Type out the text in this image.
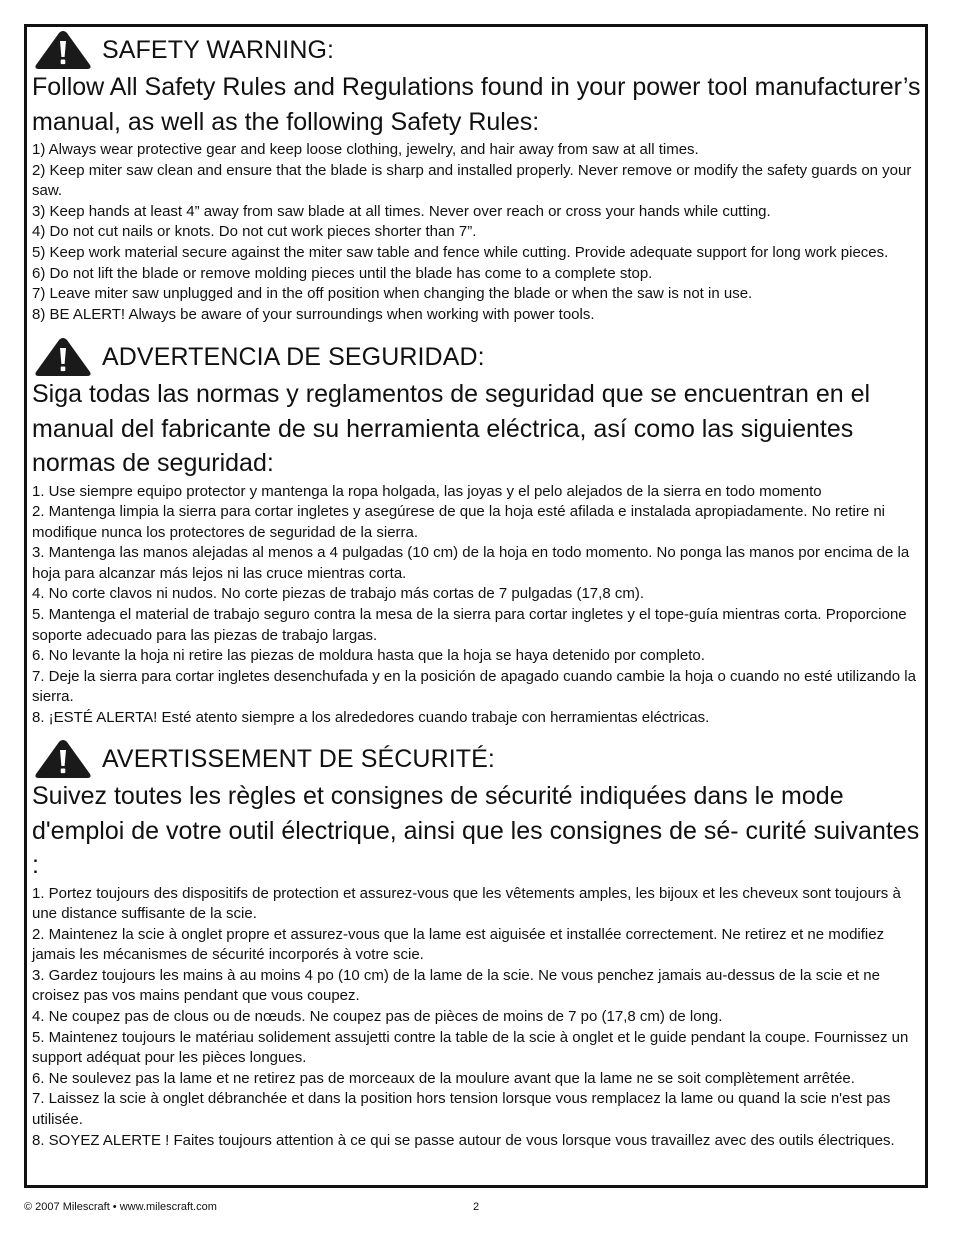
SAFETY WARNING:

Follow All Safety Rules and Regulations found in your power tool manufacturer’s manual, as well as the following Safety Rules:

1) Always wear protective gear and keep loose clothing, jewelry, and hair away from saw at all times.
2) Keep miter saw clean and ensure that the blade is sharp and installed properly. Never remove or modify the safety guards on your saw.
3) Keep hands at least 4” away from saw blade at all times. Never over reach or cross your hands while cutting.
4) Do not cut nails or knots. Do not cut work pieces shorter than 7”.
5) Keep work material secure against the miter saw table and fence while cutting. Provide adequate support for long work pieces.
6) Do not lift the blade or remove molding pieces until the blade has come to a complete stop.
7) Leave miter saw unplugged and in the off position when changing the blade or when the saw is not in use.
8) BE ALERT! Always be aware of your surroundings when working with power tools.
ADVERTENCIA DE SEGURIDAD:

Siga todas las normas y reglamentos de seguridad que se encuentran en el manual del fabricante de su herramienta eléctrica, así como las siguientes normas de seguridad:

1. Use siempre equipo protector y mantenga la ropa holgada, las joyas y el pelo alejados de la sierra en todo momento
2. Mantenga limpia la sierra para cortar ingletes y asegúrese de que la hoja esté afilada e instalada apropiadamente. No retire ni modifique nunca los protectores de seguridad de la sierra.
3. Mantenga las manos alejadas al menos a 4 pulgadas (10 cm) de la hoja en todo momento. No ponga las manos por encima de la hoja para alcanzar más lejos ni las cruce mientras corta.
4. No corte clavos ni nudos. No corte piezas de trabajo más cortas de 7 pulgadas (17,8 cm).
5. Mantenga el material de trabajo seguro contra la mesa de la sierra para cortar ingletes y el tope-guía mientras corta. Proporcione soporte adecuado para las piezas de trabajo largas.
6. No levante la hoja ni retire las piezas de moldura hasta que la hoja se haya detenido por completo.
7. Deje la sierra para cortar ingletes desenchufada y en la posición de apagado cuando cambie la hoja o cuando no esté utilizando la sierra.
8. ¡ESTÉ ALERTA! Esté atento siempre a los alrededores cuando trabaje con herramientas eléctricas.
AVERTISSEMENT DE SÉCURITÉ:

Suivez toutes les règles et consignes de sécurité indiquées dans le mode d'emploi de votre outil électrique, ainsi que les consignes de sé- curité suivantes :

1. Portez toujours des dispositifs de protection et assurez-vous que les vêtements amples, les bijoux et les cheveux sont toujours à une distance suffisante de la scie.
2. Maintenez la scie à onglet propre et assurez-vous que la lame est aiguisée et installée correctement. Ne retirez et ne modifiez jamais les mécanismes de sécurité incorporés à votre scie.
3. Gardez toujours les mains à au moins 4 po (10 cm) de la lame de la scie. Ne vous penchez jamais au-dessus de la scie et ne croisez pas vos mains pendant que vous coupez.
4. Ne coupez pas de clous ou de nœuds. Ne coupez pas de pièces de moins de 7 po (17,8 cm) de long.
5. Maintenez toujours le matériau solidement assujetti contre la table de la scie à onglet et le guide pendant la coupe. Fournissez un support adéquat pour les pièces longues.
6. Ne soulevez pas la lame et ne retirez pas de morceaux de la moulure avant que la lame ne se soit complètement arrêtée.
7. Laissez la scie à onglet débranchée et dans la position hors tension lorsque vous remplacez la lame ou quand la scie n'est pas utilisée.
8. SOYEZ ALERTE ! Faites toujours attention à ce qui se passe autour de vous lorsque vous travaillez avec des outils électriques.
© 2007 Milescraft • www.milescraft.com	2
